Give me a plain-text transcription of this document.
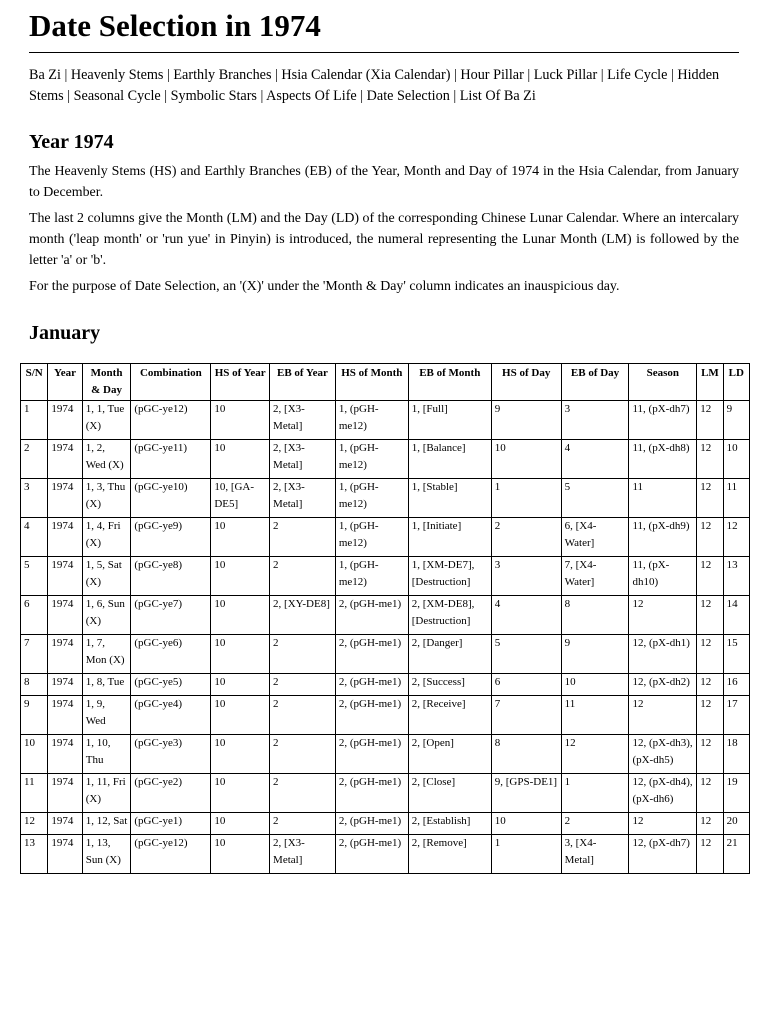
Date Selection in 1974
Ba Zi | Heavenly Stems | Earthly Branches | Hsia Calendar (Xia Calendar) | Hour Pillar | Luck Pillar | Life Cycle | Hidden Stems | Seasonal Cycle | Symbolic Stars | Aspects Of Life | Date Selection | List Of Ba Zi
Year 1974

The Heavenly Stems (HS) and Earthly Branches (EB) of the Year, Month and Day of 1974 in the Hsia Calendar, from January to December.

The last 2 columns give the Month (LM) and the Day (LD) of the corresponding Chinese Lunar Calendar. Where an intercalary month ('leap month' or 'run yue' in Pinyin) is introduced, the numeral representing the Lunar Month (LM) is followed by the letter 'a' or 'b'.

For the purpose of Date Selection, an '(X)' under the 'Month & Day' column indicates an inauspicious day.

January
S/N	Year	Month & Day	Combination	HS of Year	EB of Year	HS of Month	EB of Month	HS of Day	EB of Day	Season	LM	LD
1	1974	1, 1, Tue (X)	(pGC-ye12)	10	2, [X3-Metal]	1, (pGH-me12)	1, [Full]	9	3	11, (pX-dh7)	12	9
2	1974	1, 2, Wed (X)	(pGC-ye11)	10	2, [X3-Metal]	1, (pGH-me12)	1, [Balance]	10	4	11, (pX-dh8)	12	10
3	1974	1, 3, Thu (X)	(pGC-ye10)	10, [GA-DE5]	2, [X3-Metal]	1, (pGH-me12)	1, [Stable]	1	5	11	12	11
4	1974	1, 4, Fri (X)	(pGC-ye9)	10	2	1, (pGH-me12)	1, [Initiate]	2	6, [X4-Water]	11, (pX-dh9)	12	12
5	1974	1, 5, Sat (X)	(pGC-ye8)	10	2	1, (pGH-me12)	1, [XM-DE7], [Destruction]	3	7, [X4-Water]	11, (pX-dh10)	12	13
6	1974	1, 6, Sun (X)	(pGC-ye7)	10	2, [XY-DE8]	2, (pGH-me1)	2, [XM-DE8], [Destruction]	4	8	12	12	14
7	1974	1, 7, Mon (X)	(pGC-ye6)	10	2	2, (pGH-me1)	2, [Danger]	5	9	12, (pX-dh1)	12	15
8	1974	1, 8, Tue	(pGC-ye5)	10	2	2, (pGH-me1)	2, [Success]	6	10	12, (pX-dh2)	12	16
9	1974	1, 9, Wed	(pGC-ye4)	10	2	2, (pGH-me1)	2, [Receive]	7	11	12	12	17
10	1974	1, 10, Thu	(pGC-ye3)	10	2	2, (pGH-me1)	2, [Open]	8	12	12, (pX-dh3), (pX-dh5)	12	18
11	1974	1, 11, Fri (X)	(pGC-ye2)	10	2	2, (pGH-me1)	2, [Close]	9, [GPS-DE1]	1	12, (pX-dh4), (pX-dh6)	12	19
12	1974	1, 12, Sat	(pGC-ye1)	10	2	2, (pGH-me1)	2, [Establish]	10	2	12	12	20
13	1974	1, 13, Sun (X)	(pGC-ye12)	10	2, [X3-Metal]	2, (pGH-me1)	2, [Remove]	1	3, [X4-Metal]	12, (pX-dh7)	12	21
